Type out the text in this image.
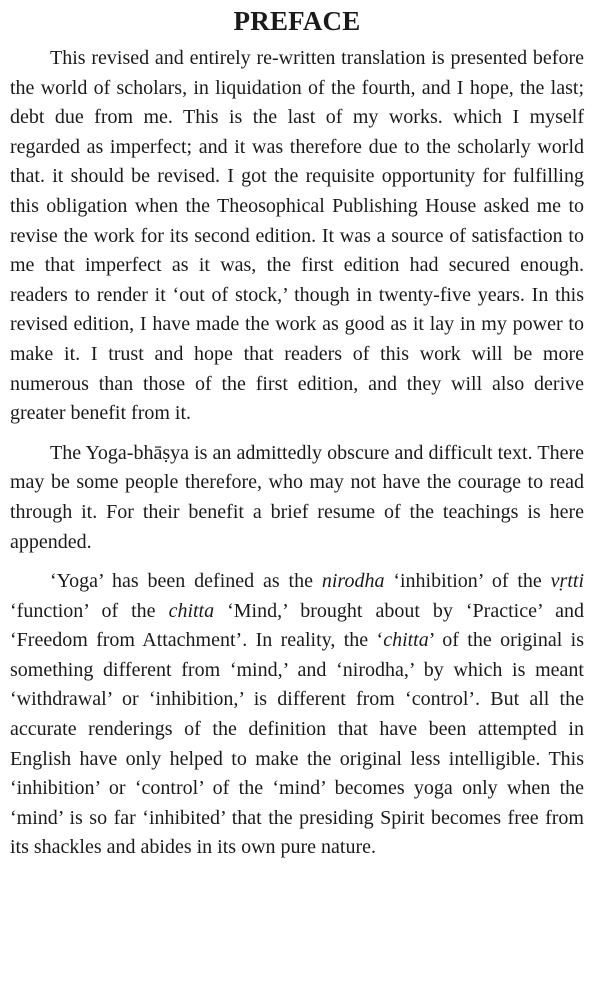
PREFACE

This revised and entirely re-written translation is presented before the world of scholars, in liquidation of the fourth, and I hope, the last; debt due from me. This is the last of my works. which I myself regarded as imperfect; and it was therefore due to the scholarly world that. it should be revised. I got the requisite opportunity for fulfilling this obligation when the Theosophical Publishing House asked me to revise the work for its second edition. It was a source of satisfaction to me that imperfect as it was, the first edition had secured enough. readers to render it ‘out of stock,’ though in twenty-five years. In this revised edition, I have made the work as good as it lay in my power to make it. I trust and hope that readers of this work will be more numerous than those of the first edition, and they will also derive greater benefit from it.

The Yoga-bhāṣya is an admittedly obscure and difficult text. There may be some people therefore, who may not have the courage to read through it. For their benefit a brief resume of the teachings is here appended.

‘Yoga’ has been defined as the nirodha ‘inhibition’ of the vṛtti ‘function’ of the chitta ‘Mind,’ brought about by ‘Practice’ and ‘Freedom from Attachment’. In reality, the ‘chitta’ of the original is something different from ‘mind,’ and ‘nirodha,’ by which is meant ‘withdrawal’ or ‘inhibition,’ is different from ‘control’. But all the accurate renderings of the definition that have been attempted in English have only helped to make the original less intelligible. This ‘inhibition’ or ‘control’ of the ‘mind’ becomes yoga only when the ‘mind’ is so far ‘inhibited’ that the presiding Spirit becomes free from its shackles and abides in its own pure nature.
